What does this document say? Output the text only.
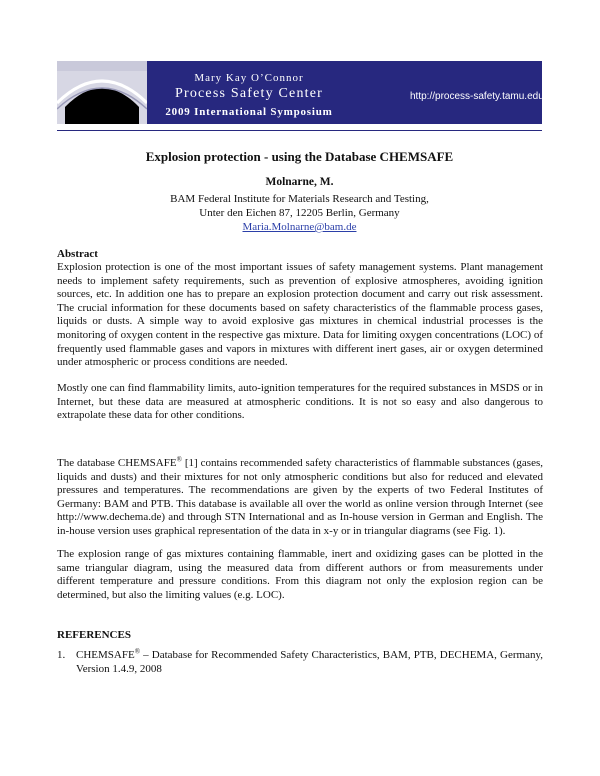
Mary Kay O’Connor
Process Safety Center
2009 International Symposium
http://process-safety.tamu.edu
Explosion protection - using the Database CHEMSAFE
Molnarne, M.
BAM Federal Institute for Materials Research and Testing,
Unter den Eichen 87, 12205 Berlin, Germany
Maria.Molnarne@bam.de
Abstract

Explosion protection is one of the most important issues of safety management systems. Plant management needs to implement safety requirements, such as prevention of explosive atmospheres, avoiding ignition sources, etc. In addition one has to prepare an explosion protection document and carry out risk assessment. The crucial information for these documents based on safety characteristics of the flammable process gases, liquids or dusts. A simple way to avoid explosive gas mixtures in chemical industrial processes is the monitoring of oxygen content in the respective gas mixture. Data for limiting oxygen concentrations (LOC) of frequently used flammable gases and vapors in mixtures with different inert gases, air or oxygen determined under atmospheric or process conditions are needed.

Mostly one can find flammability limits, auto-ignition temperatures for the required substances in MSDS or in Internet, but these data are measured at atmospheric conditions. It is not so easy and also dangerous to extrapolate these data for other conditions.

The database CHEMSAFE® [1] contains recommended safety characteristics of flammable substances (gases, liquids and dusts) and their mixtures for not only atmospheric conditions but also for reduced and elevated pressures and temperatures. The recommendations are given by the experts of two Federal Institutes of Germany: BAM and PTB. This database is available all over the world as online version through Internet (see http://www.dechema.de) and through STN International and as In-house version in German and English. The in-house version uses graphical representation of the data in x-y or in triangular diagrams (see Fig. 1).

The explosion range of gas mixtures containing flammable, inert and oxidizing gases can be plotted in the same triangular diagram, using the measured data from different authors or from measurements under different temperature and pressure conditions. From this diagram not only the explosion region can be determined, but also the limiting values (e.g. LOC).

REFERENCES
1. CHEMSAFE® – Database for Recommended Safety Characteristics, BAM, PTB, DECHEMA, Germany, Version 1.4.9, 2008
